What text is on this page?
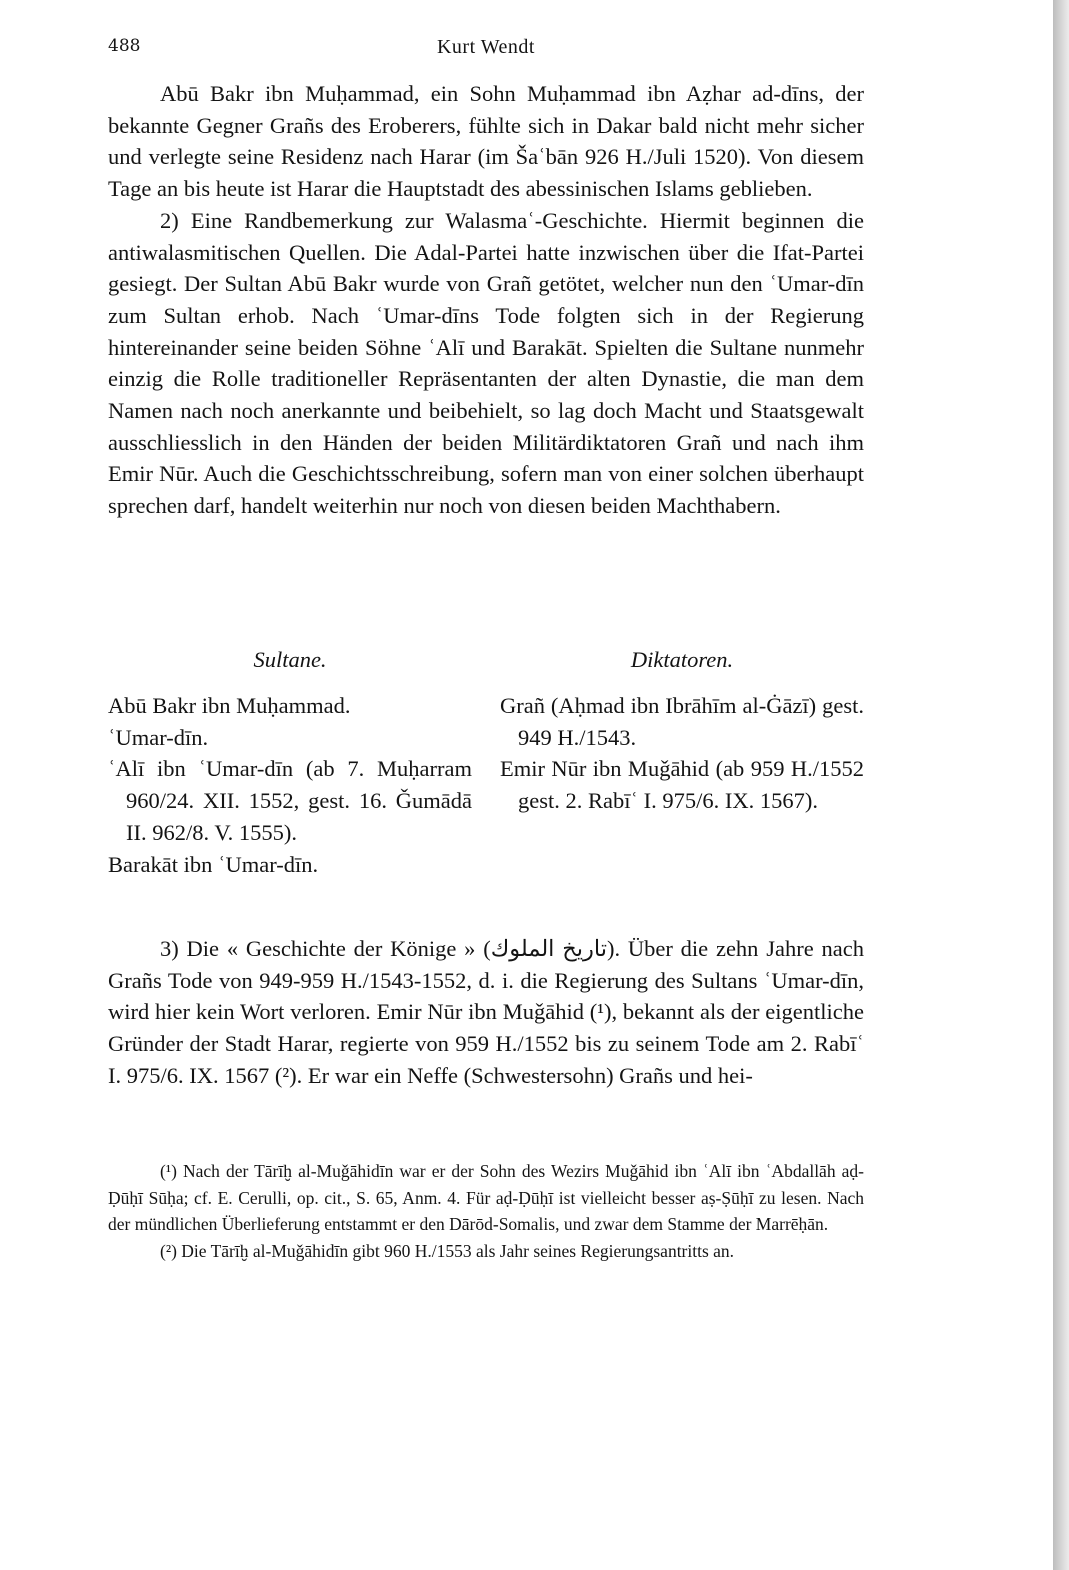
488	Kurt Wendt

Abū Bakr ibn Muḥammad, ein Sohn Muḥammad ibn Aẓhar ad-dīns, der bekannte Gegner Grañs des Eroberers, fühlte sich in Dakar bald nicht mehr sicher und verlegte seine Residenz nach Harar (im Šaʿbān 926 H./Juli 1520). Von diesem Tage an bis heute ist Harar die Hauptstadt des abessinischen Islams geblieben.

2) Eine Randbemerkung zur Walasmaʿ-Geschichte. Hiermit beginnen die antiwalasmitischen Quellen. Die Adal-Partei hatte inzwischen über die Ifat-Partei gesiegt. Der Sultan Abū Bakr wurde von Grañ getötet, welcher nun den ʿUmar-dīn zum Sultan erhob. Nach ʿUmar-dīns Tode folgten sich in der Regierung hintereinander seine beiden Söhne ʿAlī und Barakāt. Spielten die Sultane nunmehr einzig die Rolle traditioneller Repräsentanten der alten Dynastie, die man dem Namen nach noch anerkannte und beibehielt, so lag doch Macht und Staatsgewalt ausschliesslich in den Händen der beiden Militärdiktatoren Grañ und nach ihm Emir Nūr. Auch die Geschichtsschreibung, sofern man von einer solchen überhaupt sprechen darf, handelt weiterhin nur noch von diesen beiden Machthabern.

Sultane.

Abū Bakr ibn Muḥammad.

ʿUmar-dīn.

ʿAlī ibn ʿUmar-dīn (ab 7. Muḥarram 960/24. XII. 1552, gest. 16. Ǧumādā II. 962/8. V. 1555).

Barakāt ibn ʿUmar-dīn.

Diktatoren.

Grañ (Aḥmad ibn Ibrāhīm al-Ġāzī) gest. 949 H./1543.

Emir Nūr ibn Muǧāhid (ab 959 H./1552 gest. 2. Rabīʿ I. 975/6. IX. 1567).

3) Die « Geschichte der Könige » (تاريخ الملوك). Über die zehn Jahre nach Grañs Tode von 949-959 H./1543-1552, d. i. die Regierung des Sultans ʿUmar-dīn, wird hier kein Wort verloren. Emir Nūr ibn Muǧāhid (¹), bekannt als der eigentliche Gründer der Stadt Harar, regierte von 959 H./1552 bis zu seinem Tode am 2. Rabīʿ I. 975/6. IX. 1567 (²). Er war ein Neffe (Schwestersohn) Grañs und hei-

(¹) Nach der Tārīḫ al-Muǧāhidīn war er der Sohn des Wezirs Muǧāhid ibn ʿAlī ibn ʿAbdallāh aḍ-Ḍūḥī Sūḥa; cf. E. Cerulli, op. cit., S. 65, Anm. 4. Für aḍ-Ḍūḥī ist vielleicht besser aṣ-Ṣūḥī zu lesen. Nach der mündlichen Überlieferung entstammt er den Dārōd-Somalis, und zwar dem Stamme der Marrēḥān.

(²) Die Tārīḫ al-Muǧāhidīn gibt 960 H./1553 als Jahr seines Regierungsantritts an.
